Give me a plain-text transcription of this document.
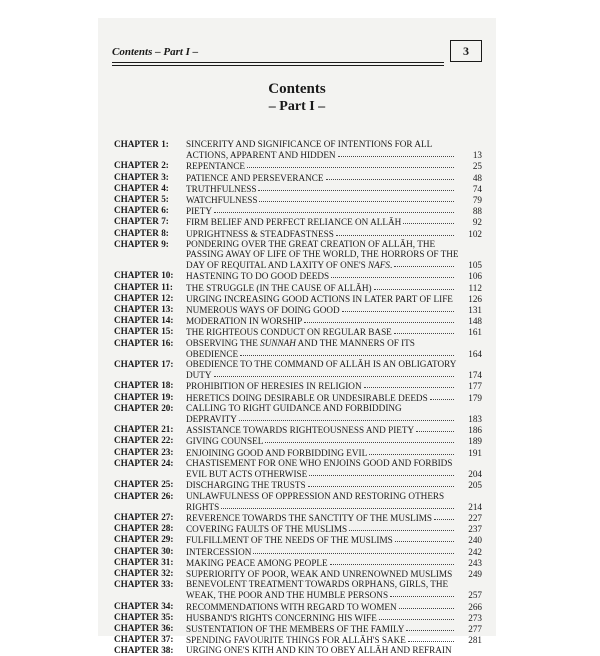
Contents – Part I –	3
Contents
– Part I –
CHAPTER 1:	SINCERITY AND SIGNIFICANCE OF INTENTIONS FOR ALL
ACTIONS, APPARENT AND HIDDEN	13
CHAPTER 2:	REPENTANCE	25
CHAPTER 3:	PATIENCE AND PERSEVERANCE	48
CHAPTER 4:	TRUTHFULNESS	74
CHAPTER 5:	WATCHFULNESS	79
CHAPTER 6:	PIETY	88
CHAPTER 7:	FIRM BELIEF AND PERFECT RELIANCE ON ALLĀH	92
CHAPTER 8:	UPRIGHTNESS & STEADFASTNESS	102
CHAPTER 9:	PONDERING OVER THE GREAT CREATION OF ALLĀH, THE
PASSING AWAY OF LIFE OF THE WORLD, THE HORRORS OF THE
DAY OF REQUITAL AND LAXITY OF ONE'S NAFS.	105
CHAPTER 10:	HASTENING TO DO GOOD DEEDS	106
CHAPTER 11:	THE STRUGGLE (IN THE CAUSE OF ALLĀH)	112
CHAPTER 12:	URGING INCREASING GOOD ACTIONS IN LATER PART OF LIFE	126
CHAPTER 13:	NUMEROUS WAYS OF DOING GOOD	131
CHAPTER 14:	MODERATION IN WORSHIP	148
CHAPTER 15:	THE RIGHTEOUS CONDUCT ON REGULAR BASE	161
CHAPTER 16:	OBSERVING THE SUNNAH AND THE MANNERS OF ITS
OBEDIENCE	164
CHAPTER 17:	OBEDIENCE TO THE COMMAND OF ALLĀH IS AN OBLIGATORY
DUTY	174
CHAPTER 18:	PROHIBITION OF HERESIES IN RELIGION	177
CHAPTER 19:	HERETICS DOING DESIRABLE OR UNDESIRABLE DEEDS	179
CHAPTER 20:	CALLING TO RIGHT GUIDANCE AND FORBIDDING
DEPRAVITY	183
CHAPTER 21:	ASSISTANCE TOWARDS RIGHTEOUSNESS AND PIETY	186
CHAPTER 22:	GIVING COUNSEL	189
CHAPTER 23:	ENJOINING GOOD AND FORBIDDING EVIL	191
CHAPTER 24:	CHASTISEMENT FOR ONE WHO ENJOINS GOOD AND FORBIDS
EVIL BUT ACTS OTHERWISE	204
CHAPTER 25:	DISCHARGING THE TRUSTS	205
CHAPTER 26:	UNLAWFULNESS OF OPPRESSION AND RESTORING OTHERS
RIGHTS	214
CHAPTER 27:	REVERENCE TOWARDS THE SANCTITY OF THE MUSLIMS	227
CHAPTER 28:	COVERING FAULTS OF THE MUSLIMS	237
CHAPTER 29:	FULFILLMENT OF THE NEEDS OF THE MUSLIMS	240
CHAPTER 30:	INTERCESSION	242
CHAPTER 31:	MAKING PEACE AMONG PEOPLE	243
CHAPTER 32:	SUPERIORITY OF POOR, WEAK AND UNRENOWNED MUSLIMS	249
CHAPTER 33:	BENEVOLENT TREATMENT TOWARDS ORPHANS, GIRLS, THE
WEAK, THE POOR AND THE HUMBLE PERSONS	257
CHAPTER 34:	RECOMMENDATIONS WITH REGARD TO WOMEN	266
CHAPTER 35:	HUSBAND'S RIGHTS CONCERNING HIS WIFE	273
CHAPTER 36:	SUSTENTATION OF THE MEMBERS OF THE FAMILY	277
CHAPTER 37:	SPENDING FAVOURITE THINGS FOR ALLĀH'S SAKE	281
CHAPTER 38:	URGING ONE'S KITH AND KIN TO OBEY ALLĀH AND REFRAIN
